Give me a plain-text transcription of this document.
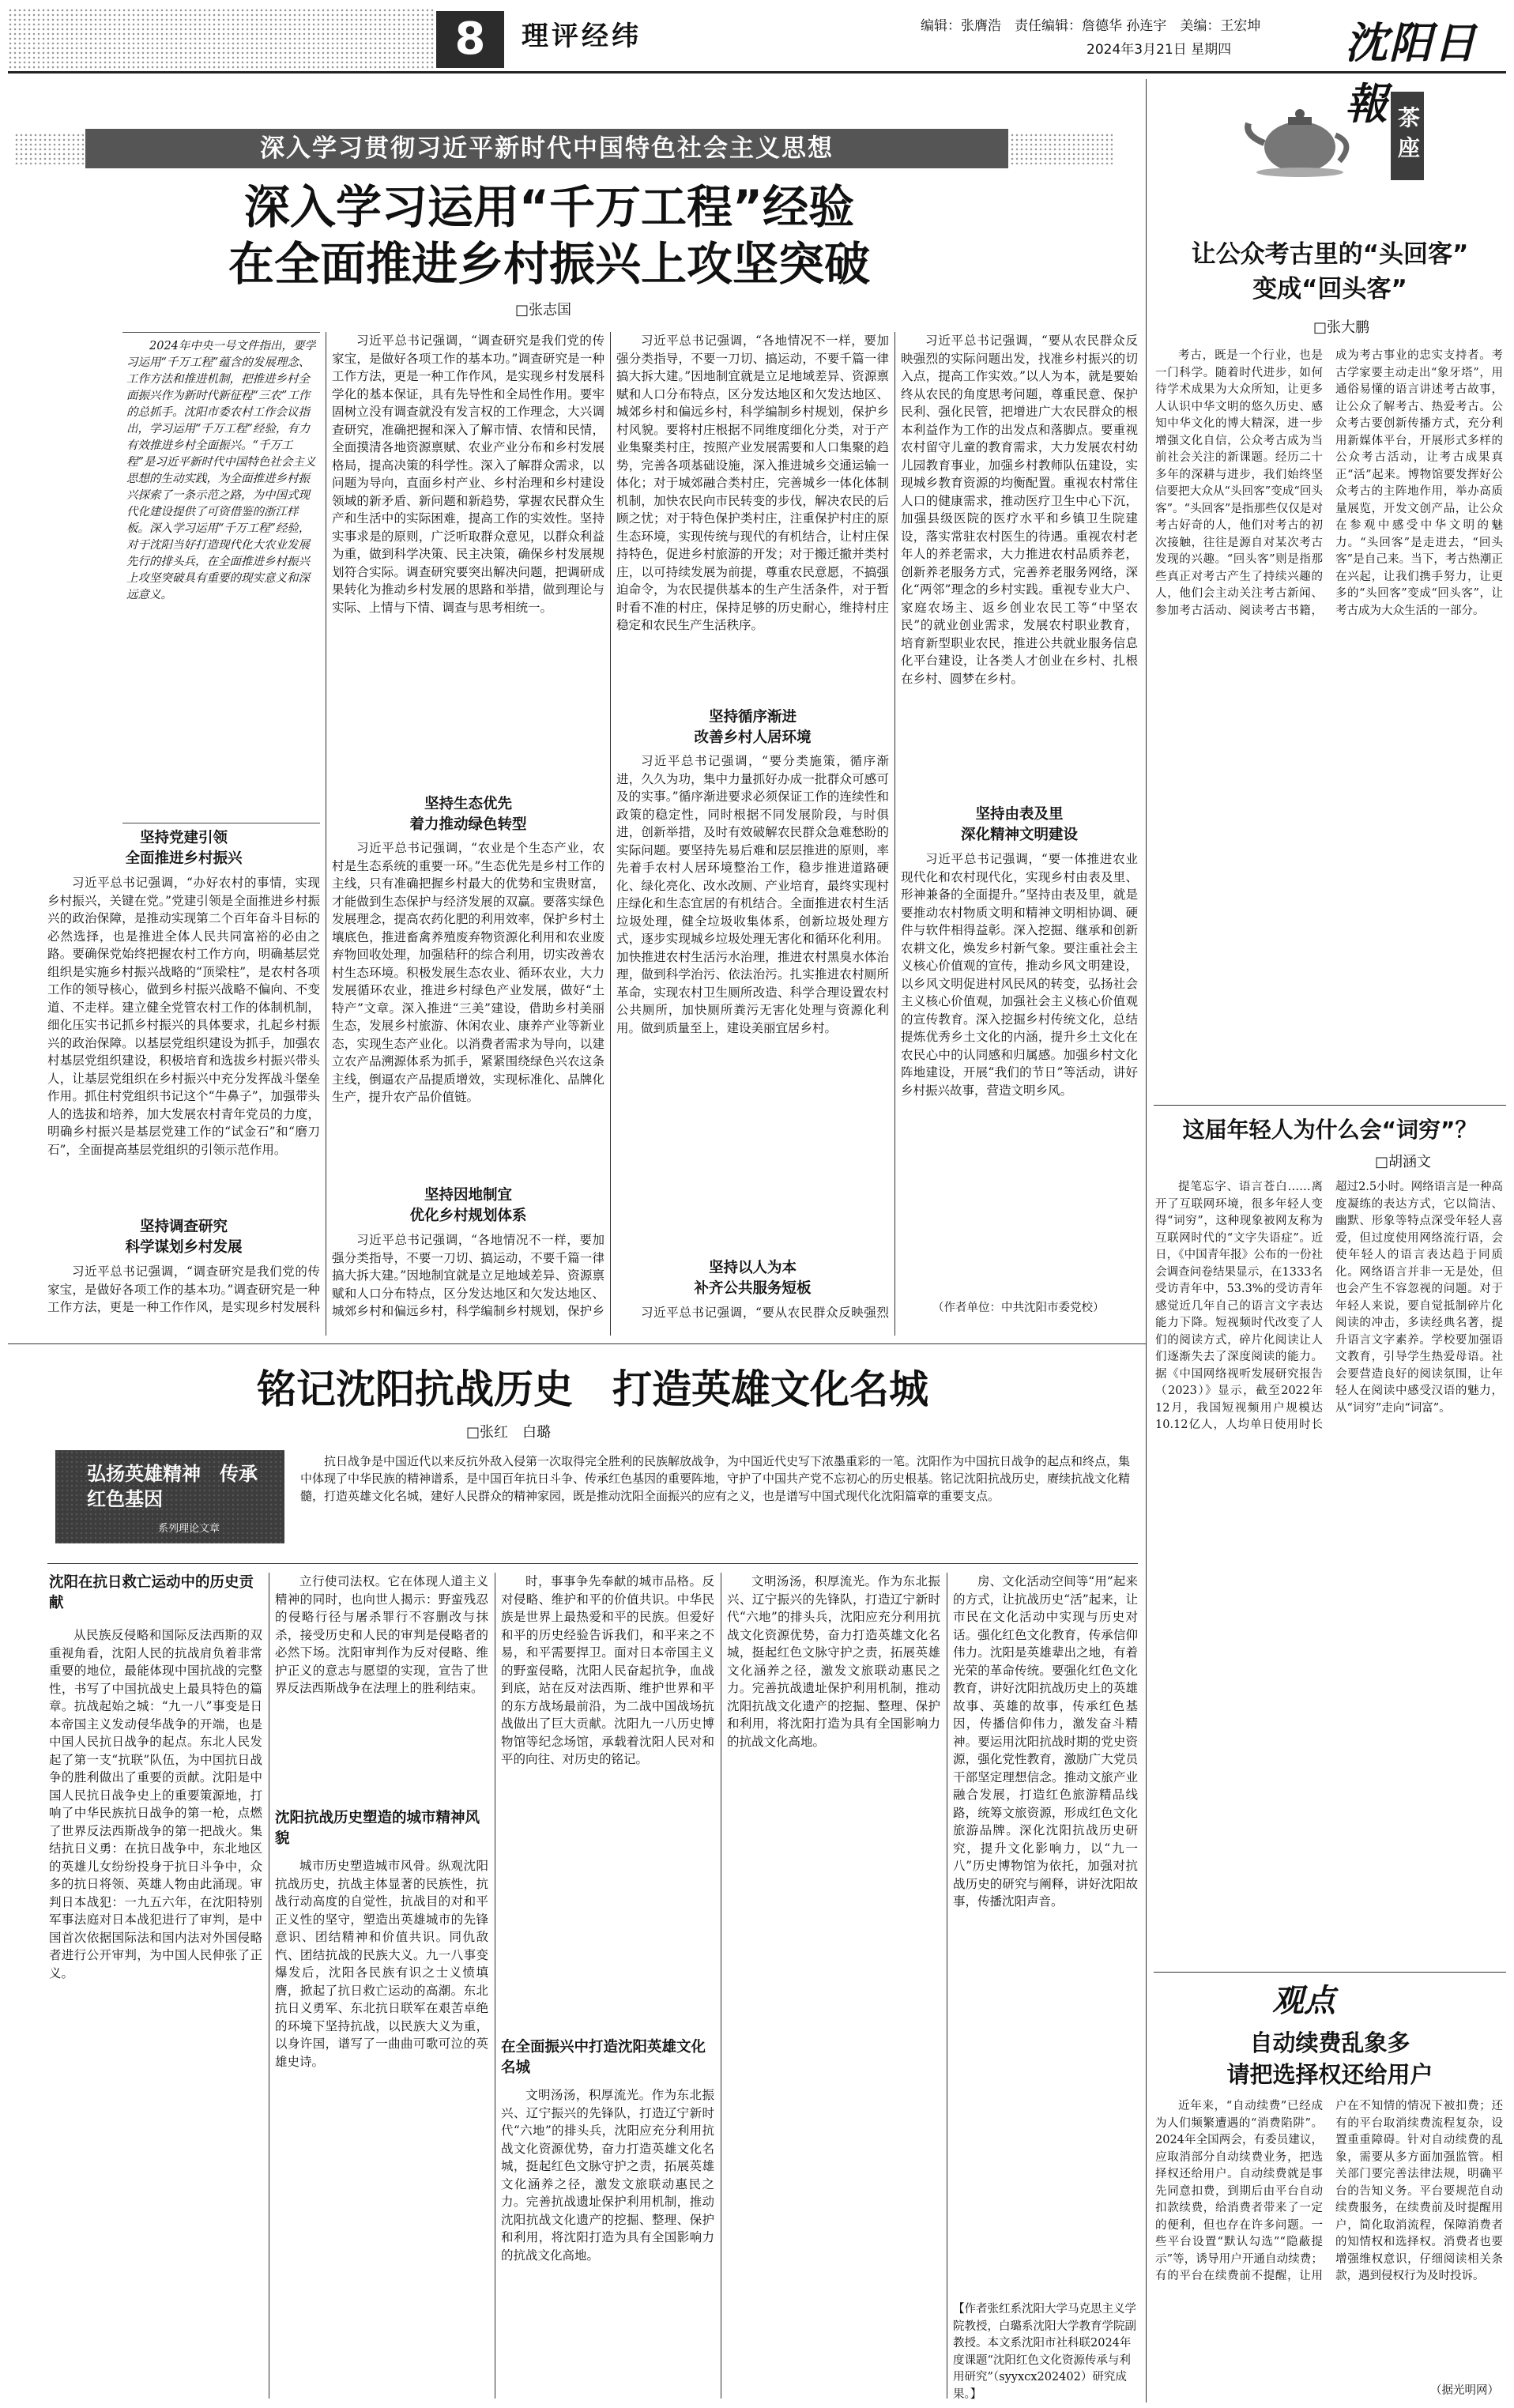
8	理评经纬	编辑：张膺浩　责任编辑：詹德华 孙连宇　美编：王宏坤
2024年3月21日 星期四	沈阳日報
深入学习贯彻习近平新时代中国特色社会主义思想
深入学习运用“千万工程”经验
在全面推进乡村振兴上攻坚突破
□张志国

2024年中央一号文件指出，要学习运用“千万工程”蕴含的发展理念、工作方法和推进机制，把推进乡村全面振兴作为新时代新征程“三农”工作的总抓手。沈阳市委农村工作会议指出，学习运用“千万工程”经验，有力有效推进乡村全面振兴。“千万工程”是习近平新时代中国特色社会主义思想的生动实践，为全面推进乡村振兴探索了一条示范之路，为中国式现代化建设提供了可资借鉴的浙江样板。深入学习运用“千万工程”经验，对于沈阳当好打造现代化大农业发展先行的排头兵，在全面推进乡村振兴上攻坚突破具有重要的现实意义和深远意义。

坚持党建引领
全面推进乡村振兴

习近平总书记强调，“办好农村的事情，实现乡村振兴，关键在党。”党建引领是全面推进乡村振兴的政治保障，是推动实现第二个百年奋斗目标的必然选择，也是推进全体人民共同富裕的必由之路。要确保党始终把握农村工作方向，明确基层党组织是实施乡村振兴战略的“顶梁柱”，是农村各项工作的领导核心，做到乡村振兴战略不偏向、不变道、不走样。建立健全党管农村工作的体制机制，细化压实书记抓乡村振兴的具体要求，扎起乡村振兴的政治保障。以基层党组织建设为抓手，加强农村基层党组织建设，积极培育和选拔乡村振兴带头人，让基层党组织在乡村振兴中充分发挥战斗堡垒作用。抓住村党组织书记这个“牛鼻子”，加强带头人的选拔和培养，加大发展农村青年党员的力度，明确乡村振兴是基层党建工作的“试金石”和“磨刀石”，全面提高基层党组织的引领示范作用。

坚持调查研究
科学谋划乡村发展

习近平总书记强调，“调查研究是我们党的传家宝，是做好各项工作的基本功。”调查研究是一种工作方法，更是一种工作作风，是实现乡村发展科

习近平总书记强调，“调查研究是我们党的传家宝，是做好各项工作的基本功。”调查研究是一种工作方法，更是一种工作作风，是实现乡村发展科学化的基本保证，具有先导性和全局性作用。要牢固树立没有调查就没有发言权的工作理念，大兴调查研究，准确把握和深入了解市情、农情和民情，全面摸清各地资源禀赋、农业产业分布和乡村发展格局，提高决策的科学性。深入了解群众需求，以问题为导向，直面乡村产业、乡村治理和乡村建设领域的新矛盾、新问题和新趋势，掌握农民群众生产和生活中的实际困难，提高工作的实效性。坚持实事求是的原则，广泛听取群众意见，以群众利益为重，做到科学决策、民主决策，确保乡村发展规划符合实际。调查研究要突出解决问题，把调研成果转化为推动乡村发展的思路和举措，做到理论与实际、上情与下情、调查与思考相统一。

坚持生态优先
着力推动绿色转型

习近平总书记强调，“农业是个生态产业，农村是生态系统的重要一环。”生态优先是乡村工作的主线，只有准确把握乡村最大的优势和宝贵财富，才能做到生态保护与经济发展的双赢。要落实绿色发展理念，提高农药化肥的利用效率，保护乡村土壤底色，推进畜禽养殖废弃物资源化利用和农业废弃物回收处理，加强秸秆的综合利用，切实改善农村生态环境。积极发展生态农业、循环农业，大力发展循环农业，推进乡村绿色产业发展，做好“土特产”文章。深入推进“三美”建设，借助乡村美丽生态，发展乡村旅游、休闲农业、康养产业等新业态，实现生态产业化。以消费者需求为导向，以建立农产品溯源体系为抓手，紧紧围绕绿色兴农这条主线，倒逼农产品提质增效，实现标准化、品牌化生产，提升农产品价值链。

坚持因地制宜
优化乡村规划体系

习近平总书记强调，“各地情况不一样，要加强分类指导，不要一刀切、搞运动，不要千篇一律搞大拆大建。”因地制宜就是立足地域差异、资源禀赋和人口分布特点，区分发达地区和欠发达地区、城郊乡村和偏远乡村，科学编制乡村规划，保护乡

习近平总书记强调，“各地情况不一样，要加强分类指导，不要一刀切、搞运动，不要千篇一律搞大拆大建。”因地制宜就是立足地域差异、资源禀赋和人口分布特点，区分发达地区和欠发达地区、城郊乡村和偏远乡村，科学编制乡村规划，保护乡村风貌。要将村庄根据不同维度细化分类，对于产业集聚类村庄，按照产业发展需要和人口集聚的趋势，完善各项基础设施，深入推进城乡交通运输一体化；对于城郊融合类村庄，完善城乡一体化体制机制，加快农民向市民转变的步伐，解决农民的后顾之忧；对于特色保护类村庄，注重保护村庄的原生态环境，实现传统与现代的有机结合，让村庄保持特色，促进乡村旅游的开发；对于搬迁撤并类村庄，以可持续发展为前提，尊重农民意愿，不搞强迫命令，为农民提供基本的生产生活条件，对于暂时看不准的村庄，保持足够的历史耐心，维持村庄稳定和农民生产生活秩序。

坚持循序渐进
改善乡村人居环境

习近平总书记强调，“要分类施策，循序渐进，久久为功，集中力量抓好办成一批群众可感可及的实事。”循序渐进要求必须保证工作的连续性和政策的稳定性，同时根据不同发展阶段，与时俱进，创新举措，及时有效破解农民群众急难愁盼的实际问题。要坚持先易后难和层层推进的原则，率先着手农村人居环境整治工作，稳步推进道路硬化、绿化亮化、改水改厕、产业培育，最终实现村庄绿化和生态宜居的有机结合。全面推进农村生活垃圾处理，健全垃圾收集体系，创新垃圾处理方式，逐步实现城乡垃圾处理无害化和循环化利用。加快推进农村生活污水治理，推进农村黑臭水体治理，做到科学治污、依法治污。扎实推进农村厕所革命，实现农村卫生厕所改造、科学合理设置农村公共厕所，加快厕所粪污无害化处理与资源化利用。做到质量至上，建设美丽宜居乡村。

坚持以人为本
补齐公共服务短板

习近平总书记强调，“要从农民群众反映强烈

习近平总书记强调，“要从农民群众反映强烈的实际问题出发，找准乡村振兴的切入点，提高工作实效。”以人为本，就是要始终从农民的角度思考问题，尊重民意、保护民利、强化民管，把增进广大农民群众的根本利益作为工作的出发点和落脚点。要重视农村留守儿童的教育需求，大力发展农村幼儿园教育事业，加强乡村教师队伍建设，实现城乡教育资源的均衡配置。重视农村常住人口的健康需求，推动医疗卫生中心下沉，加强县级医院的医疗水平和乡镇卫生院建设，落实常驻农村医生的待遇。重视农村老年人的养老需求，大力推进农村品质养老，创新养老服务方式，完善养老服务网络，深化“两邻”理念的乡村实践。重视专业大户、家庭农场主、返乡创业农民工等“中坚农民”的就业创业需求，发展农村职业教育，培育新型职业农民，推进公共就业服务信息化平台建设，让各类人才创业在乡村、扎根在乡村、圆梦在乡村。

坚持由表及里
深化精神文明建设

习近平总书记强调，“要一体推进农业现代化和农村现代化，实现乡村由表及里、形神兼备的全面提升。”坚持由表及里，就是要推动农村物质文明和精神文明相协调、硬件与软件相得益彰。深入挖掘、继承和创新农耕文化，焕发乡村新气象。要注重社会主义核心价值观的宣传，推动乡风文明建设，以乡风文明促进村风民风的转变，弘扬社会主义核心价值观，加强社会主义核心价值观的宣传教育。深入挖掘乡村传统文化，总结提炼优秀乡土文化的内涵，提升乡土文化在农民心中的认同感和归属感。加强乡村文化阵地建设，开展“我们的节日”等活动，讲好乡村振兴故事，营造文明乡风。

（作者单位：中共沈阳市委党校）
铭记沈阳抗战历史　打造英雄文化名城
□张红　白璐

抗日战争是中国近代以来反抗外敌入侵第一次取得完全胜利的民族解放战争，为中国近代史写下浓墨重彩的一笔。沈阳作为中国抗日战争的起点和终点，集中体现了中华民族的精神谱系，是中国百年抗日斗争、传承红色基因的重要阵地，守护了中国共产党不忘初心的历史根基。铭记沈阳抗战历史，赓续抗战文化精髓，打造英雄文化名城，建好人民群众的精神家园，既是推动沈阳全面振兴的应有之义，也是谱写中国式现代化沈阳篇章的重要支点。

弘扬英雄精神　传承红色基因
系列理论文章
沈阳在抗日救亡运动中的历史贡献

从民族反侵略和国际反法西斯的双重视角看，沈阳人民的抗战肩负着非常重要的地位，最能体现中国抗战的完整性，书写了中国抗战史上最具特色的篇章。抗战起始之城：“九一八”事变是日本帝国主义发动侵华战争的开端，也是中国人民抗日战争的起点。东北人民发起了第一支“抗联”队伍，为中国抗日战争的胜利做出了重要的贡献。沈阳是中国人民抗日战争史上的重要策源地，打响了中华民族抗日战争的第一枪，点燃了世界反法西斯战争的第一把战火。集结抗日义勇：在抗日战争中，东北地区的英雄儿女纷纷投身于抗日斗争中，众多的抗日将领、英雄人物由此涌现。审判日本战犯：一九五六年，在沈阳特别军事法庭对日本战犯进行了审判，是中国首次依据国际法和国内法对外国侵略者进行公开审判，为中国人民伸张了正义。

立行使司法权。它在体现人道主义精神的同时，也向世人揭示：野蛮残忍的侵略行径与屠杀罪行不容删改与抹杀，接受历史和人民的审判是侵略者的必然下场。沈阳审判作为反对侵略、维护正义的意志与愿望的实现，宣告了世界反法西斯战争在法理上的胜利结束。

沈阳抗战历史塑造的城市精神风貌

城市历史塑造城市风骨。纵观沈阳抗战历史，抗战主体显著的民族性，抗战行动高度的自觉性，抗战目的对和平正义性的坚守，塑造出英雄城市的先锋意识、团结精神和价值共识。同仇敌忾、团结抗战的民族大义。九一八事变爆发后，沈阳各民族有识之士义愤填膺，掀起了抗日救亡运动的高潮。东北抗日义勇军、东北抗日联军在艰苦卓绝的环境下坚持抗战，以民族大义为重，以身许国，谱写了一曲曲可歌可泣的英雄史诗。

时，事事争先奉献的城市品格。反对侵略、维护和平的价值共识。中华民族是世界上最热爱和平的民族。但爱好和平的历史经验告诉我们，和平来之不易，和平需要捍卫。面对日本帝国主义的野蛮侵略，沈阳人民奋起抗争，血战到底，站在反对法西斯、维护世界和平的东方战场最前沿，为二战中国战场抗战做出了巨大贡献。沈阳九一八历史博物馆等纪念场馆，承载着沈阳人民对和平的向往、对历史的铭记。

在全面振兴中打造沈阳英雄文化名城

文明汤汤，积厚流光。作为东北振兴、辽宁振兴的先锋队，打造辽宁新时代“六地”的排头兵，沈阳应充分利用抗战文化资源优势，奋力打造英雄文化名城，挺起红色文脉守护之责，拓展英雄文化涵养之径，激发文旅联动惠民之力。完善抗战遗址保护利用机制，推动沈阳抗战文化遗产的挖掘、整理、保护和利用，将沈阳打造为具有全国影响力的抗战文化高地。

文明汤汤，积厚流光。作为东北振兴、辽宁振兴的先锋队，打造辽宁新时代“六地”的排头兵，沈阳应充分利用抗战文化资源优势，奋力打造英雄文化名城，挺起红色文脉守护之责，拓展英雄文化涵养之径，激发文旅联动惠民之力。完善抗战遗址保护利用机制，推动沈阳抗战文化遗产的挖掘、整理、保护和利用，将沈阳打造为具有全国影响力的抗战文化高地。

房、文化活动空间等“用”起来的方式，让抗战历史“活”起来，让市民在文化活动中实现与历史对话。强化红色文化教育，传承信仰伟力。沈阳是英雄辈出之地，有着光荣的革命传统。要强化红色文化教育，讲好沈阳抗战历史上的英雄故事、英雄的故事，传承红色基因，传播信仰伟力，激发奋斗精神。要运用沈阳抗战时期的党史资源，强化党性教育，激励广大党员干部坚定理想信念。推动文旅产业融合发展，打造红色旅游精品线路，统筹文旅资源，形成红色文化旅游品牌。深化沈阳抗战历史研究，提升文化影响力，以“九一八”历史博物馆为依托，加强对抗战历史的研究与阐释，讲好沈阳故事，传播沈阳声音。

【作者张红系沈阳大学马克思主义学院教授，白璐系沈阳大学教育学院副教授。本文系沈阳市社科联2024年度课题“沈阳红色文化资源传承与利用研究”（syyxcx202402）研究成果。】
茶座
让公众考古里的“头回客”
变成“回头客”
□张大鹏

考古，既是一个行业，也是一门科学。随着时代进步，如何待学术成果为大众所知，让更多人认识中华文明的悠久历史、感知中华文化的博大精深，进一步增强文化自信，公众考古成为当前社会关注的新课题。经历二十多年的深耕与进步，我们始终坚信要把大众从“头回客”变成“回头客”。“头回客”是指那些仅仅是对考古好奇的人，他们对考古的初次接触，往往是源自对某次考古发现的兴趣。“回头客”则是指那些真正对考古产生了持续兴趣的人，他们会主动关注考古新闻、参加考古活动、阅读考古书籍，成为考古事业的忠实支持者。考古学家要主动走出“象牙塔”，用通俗易懂的语言讲述考古故事，让公众了解考古、热爱考古。公众考古要创新传播方式，充分利用新媒体平台，开展形式多样的公众考古活动，让考古成果真正“活”起来。博物馆要发挥好公众考古的主阵地作用，举办高质量展览，开发文创产品，让公众在参观中感受中华文明的魅力。“头回客”是走进去，“回头客”是自己来。当下，考古热潮正在兴起，让我们携手努力，让更多的“头回客”变成“回头客”，让考古成为大众生活的一部分。

这届年轻人为什么会“词穷”？
□胡涵文

提笔忘字、语言苍白……离开了互联网环境，很多年轻人变得“词穷”，这种现象被网友称为互联网时代的“文字失语症”。近日，《中国青年报》公布的一份社会调查问卷结果显示，在1333名受访青年中，53.3%的受访青年感觉近几年自己的语言文字表达能力下降。短视频时代改变了人们的阅读方式，碎片化阅读让人们逐渐失去了深度阅读的能力。据《中国网络视听发展研究报告（2023）》显示，截至2022年12月，我国短视频用户规模达10.12亿人，人均单日使用时长超过2.5小时。网络语言是一种高度凝练的表达方式，它以简洁、幽默、形象等特点深受年轻人喜爱，但过度使用网络流行语，会使年轻人的语言表达趋于同质化。网络语言并非一无是处，但也会产生不容忽视的问题。对于年轻人来说，要自觉抵制碎片化阅读的冲击，多读经典名著，提升语言文字素养。学校要加强语文教育，引导学生热爱母语。社会要营造良好的阅读氛围，让年轻人在阅读中感受汉语的魅力，从“词穷”走向“词富”。

观点
自动续费乱象多
请把选择权还给用户

近年来，“自动续费”已经成为人们频繁遭遇的“消费陷阱”。2024年全国两会，有委员建议，应取消部分自动续费业务，把选择权还给用户。自动续费就是事先同意扣费，到期后由平台自动扣款续费，给消费者带来了一定的便利，但也存在许多问题。一些平台设置“默认勾选”“隐蔽提示”等，诱导用户开通自动续费；有的平台在续费前不提醒，让用户在不知情的情况下被扣费；还有的平台取消续费流程复杂，设置重重障碍。针对自动续费的乱象，需要从多方面加强监管。相关部门要完善法律法规，明确平台的告知义务。平台要规范自动续费服务，在续费前及时提醒用户，简化取消流程，保障消费者的知情权和选择权。消费者也要增强维权意识，仔细阅读相关条款，遇到侵权行为及时投诉。

（据光明网）
